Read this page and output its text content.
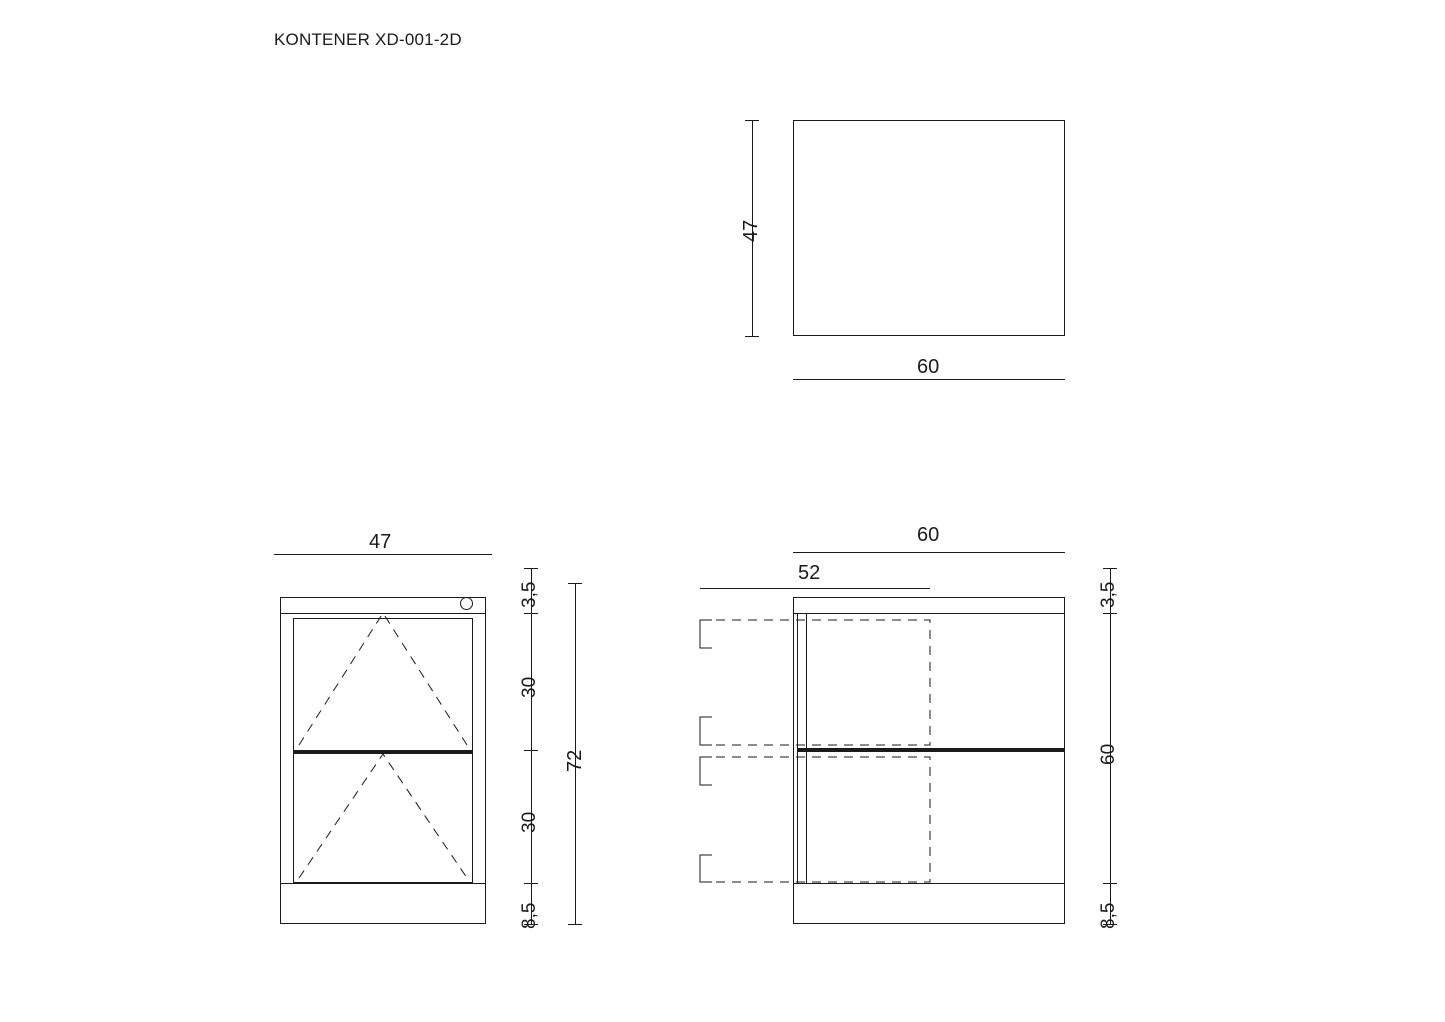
KONTENER XD-001-2D
47
60
47
3,5
30
30
8,5
72
60
52
3,5
60
8,5
